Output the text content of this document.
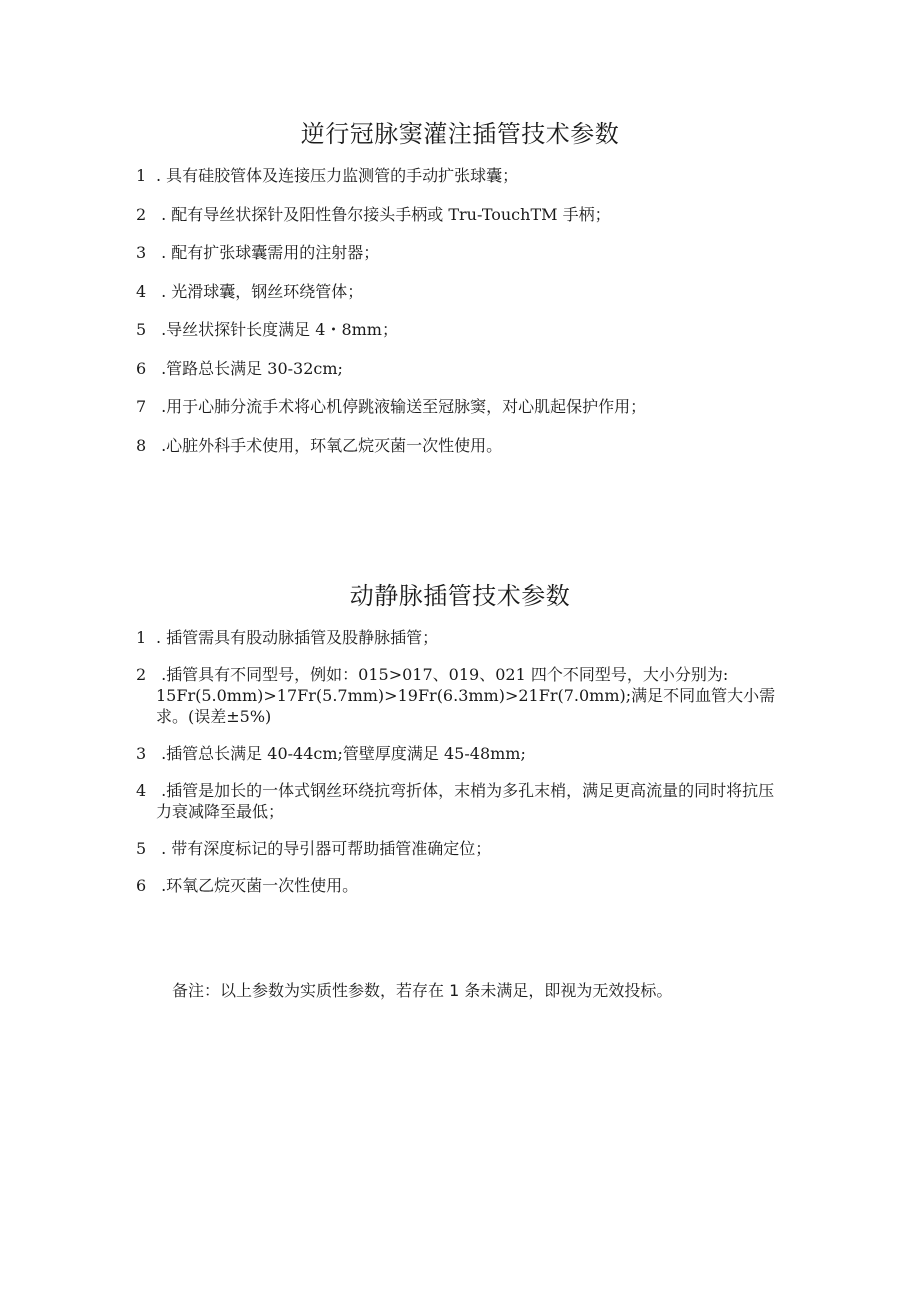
逆行冠脉窦灌注插管技术参数
1 . 具有硅胶管体及连接压力监测管的手动扩张球囊；
2 . 配有导丝状探针及阳性鲁尔接头手柄或 Tru-TouchTM 手柄；
3 . 配有扩张球囊需用的注射器；
4 . 光滑球囊，钢丝环绕管体；
5 .导丝状探针长度满足 4・8mm；
6 .管路总长满足 30-32cm;
7 .用于心肺分流手术将心机停跳液输送至冠脉窦，对心肌起保护作用；
8 .心脏外科手术使用，环氧乙烷灭菌一次性使用。
动静脉插管技术参数
1 . 插管需具有股动脉插管及股静脉插管；
2 .插管具有不同型号，例如：015>017、019、021 四个不同型号，大小分别为: 15Fr(5.0mm)>17Fr(5.7mm)>19Fr(6.3mm)>21Fr(7.0mm);满足不同血管大小需求。(误差±5%)
3 .插管总长满足 40-44cm;管壁厚度满足 45-48mm;
4 .插管是加长的一体式钢丝环绕抗弯折体，末梢为多孔末梢，满足更高流量的同时将抗压力衰减降至最低；
5 . 带有深度标记的导引器可帮助插管准确定位；
6 .环氧乙烷灭菌一次性使用。

备注：以上参数为实质性参数，若存在 1 条未满足，即视为无效投标。
